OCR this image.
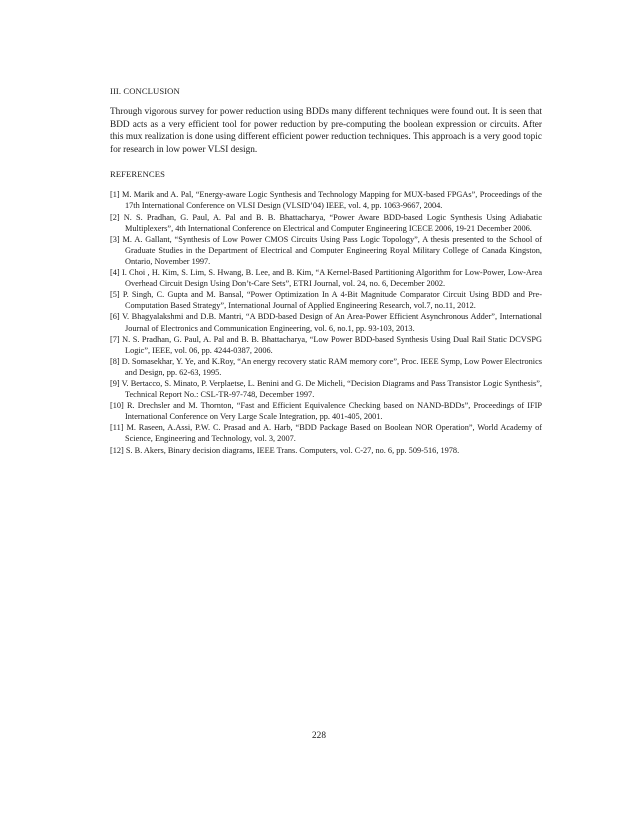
III. CONCLUSION

Through vigorous survey for power reduction using BDDs many different techniques were found out. It is seen that BDD acts as a very efficient tool for power reduction by pre-computing the boolean expression or circuits. After this mux realization is done using different efficient power reduction techniques. This approach is a very good topic for research in low power VLSI design.

REFERENCES
[1] M. Marik and A. Pal, “Energy-aware Logic Synthesis and Technology Mapping for MUX-based FPGAs”, Proceedings of the 17th International Conference on VLSI Design (VLSID’04) IEEE, vol. 4, pp. 1063-9667, 2004.
[2] N. S. Pradhan, G. Paul, A. Pal and B. B. Bhattacharya, “Power Aware BDD-based Logic Synthesis Using Adiabatic Multiplexers”, 4th International Conference on Electrical and Computer Engineering ICECE 2006, 19-21 December 2006.
[3] M. A. Gallant, “Synthesis of Low Power CMOS Circuits Using Pass Logic Topology”, A thesis presented to the School of Graduate Studies in the Department of Electrical and Computer Engineering Royal Military College of Canada Kingston, Ontario, November 1997.
[4] I. Choi , H. Kim, S. Lim, S. Hwang, B. Lee, and B. Kim, “A Kernel-Based Partitioning Algorithm for Low-Power, Low-Area Overhead Circuit Design Using Don’t-Care Sets”, ETRI Journal, vol. 24, no. 6, December 2002.
[5] P. Singh, C. Gupta and M. Bansal, “Power Optimization In A 4-Bit Magnitude Comparator Circuit Using BDD and Pre-Computation Based Strategy”, International Journal of Applied Engineering Research, vol.7, no.11, 2012.
[6] V. Bhagyalakshmi and D.B. Mantri, “A BDD-based Design of An Area-Power Efficient Asynchronous Adder”, International Journal of Electronics and Communication Engineering, vol. 6, no.1, pp. 93-103, 2013.
[7] N. S. Pradhan, G. Paul, A. Pal and B. B. Bhattacharya, “Low Power BDD-based Synthesis Using Dual Rail Static DCVSPG Logic”, IEEE, vol. 06, pp. 4244-0387, 2006.
[8] D. Somasekhar, Y. Ye, and K.Roy, “An energy recovery static RAM memory core”, Proc. IEEE Symp, Low Power Electronics and Design, pp. 62-63, 1995.
[9] V. Bertacco, S. Minato, P. Verplaetse, L. Benini and G. De Micheli, “Decision Diagrams and Pass Transistor Logic Synthesis”, Technical Report No.: CSL-TR-97-748, December 1997.
[10] R. Drechsler and M. Thornton, “Fast and Efficient Equivalence Checking based on NAND-BDDs”, Proceedings of IFIP International Conference on Very Large Scale Integration, pp. 401-405, 2001.
[11] M. Raseen, A.Assi, P.W. C. Prasad and A. Harb, “BDD Package Based on Boolean NOR Operation”, World Academy of Science, Engineering and Technology, vol. 3, 2007.
[12] S. B. Akers, Binary decision diagrams, IEEE Trans. Computers, vol. C-27, no. 6, pp. 509-516, 1978.
228
